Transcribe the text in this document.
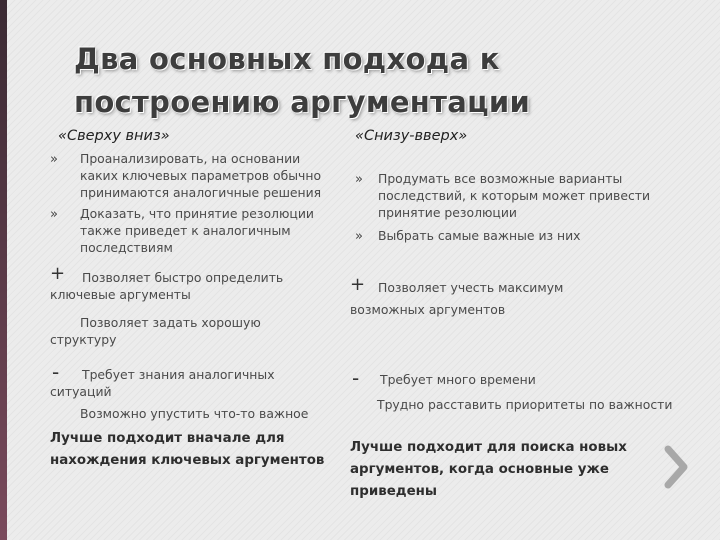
Два основных подхода к
построению аргументации
«Сверху вниз»
» Проанализировать, на основании каких ключевых параметров обычно принимаются аналогичные решения
» Доказать, что принятие резолюции также приведет к аналогичным последствиям
+	Позволяет быстро определить ключевые аргументы
Позволяет задать хорошую структуру
-	Требует знания аналогичных ситуаций
Возможно упустить что-то важное
Лучше подходит вначале для нахождения ключевых аргументов
«Снизу-вверх»
» Продумать все возможные варианты последствий, к которым может привести принятие резолюции
» Выбрать самые важные из них
+	Позволяет учесть максимум возможных аргументов
- Требует много времени
Трудно расставить приоритеты по важности
Лучше подходит для поиска новых аргументов, когда основные уже приведены
